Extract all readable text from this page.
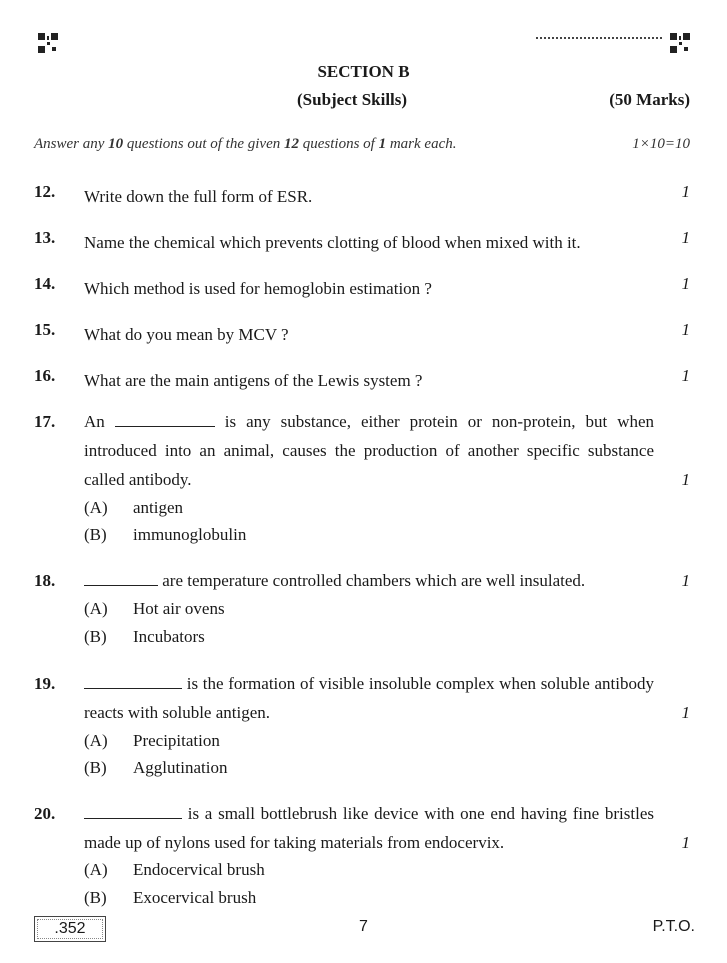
SECTION B
(Subject Skills)	(50 Marks)
Answer any 10 questions out of the given 12 questions of 1 mark each.	1×10=10
12. Write down the full form of ESR.	1
13. Name the chemical which prevents clotting of blood when mixed with it.	1
14. Which method is used for hemoglobin estimation ?	1
15. What do you mean by MCV ?	1
16. What are the main antigens of the Lewis system ?	1
17. An	is any substance, either protein or non-protein, but when introduced into an animal, causes the production of another specific substance called antibody.	1
(A) antigen
(B) immunoglobulin
18.	are temperature controlled chambers which are well insulated.	1
(A) Hot air ovens
(B) Incubators
19.	is the formation of visible insoluble complex when soluble antibody reacts with soluble antigen.	1
(A) Precipitation
(B) Agglutination
20.	is a small bottlebrush like device with one end having fine bristles made up of nylons used for taking materials from endocervix.	1
(A) Endocervical brush
(B) Exocervical brush
.352	7	P.T.O.
